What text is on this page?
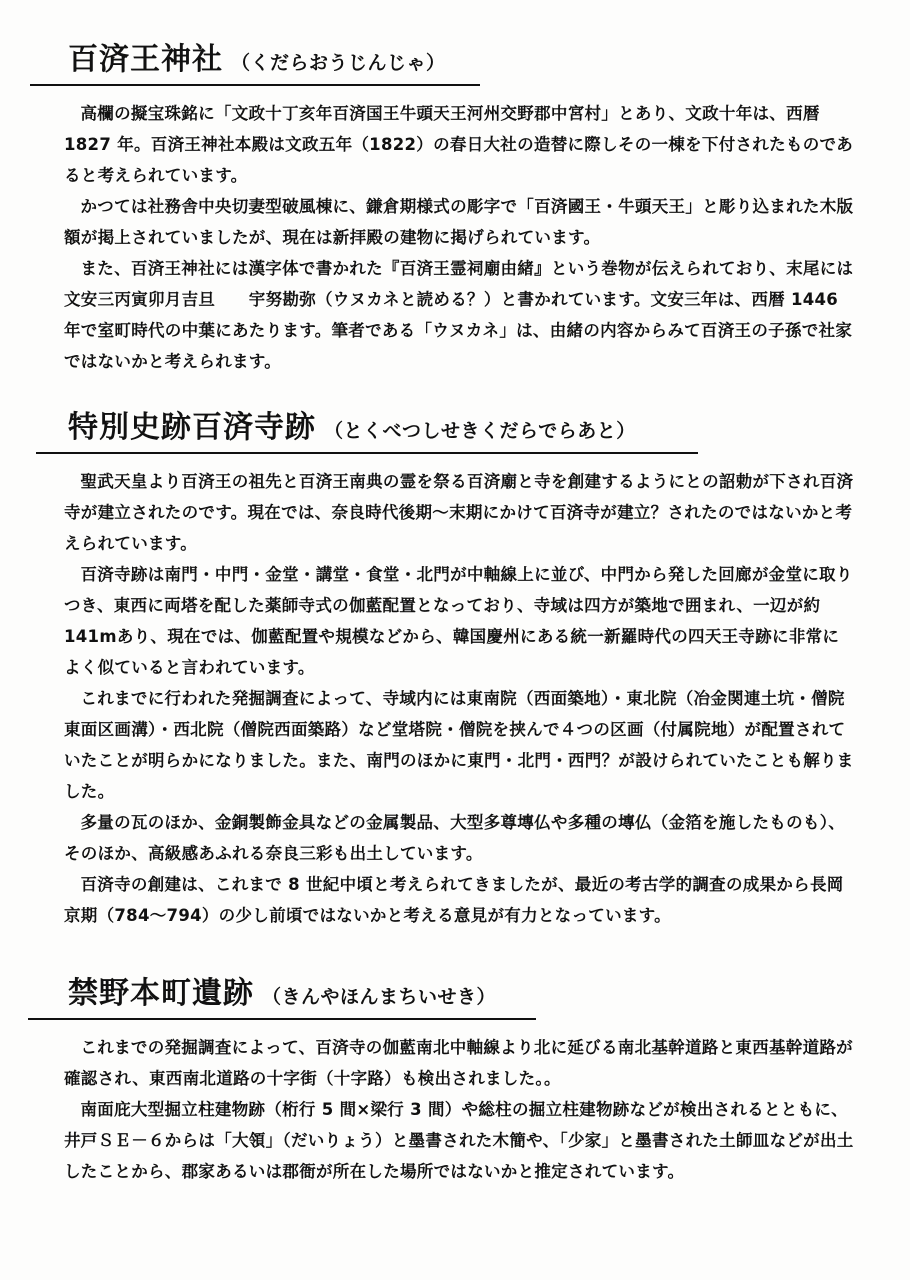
百済王神社 （くだらおうじんじゃ）

高欄の擬宝珠銘に「文政十丁亥年百済国王牛頭天王河州交野郡中宮村」とあり、文政十年は、西暦 1827 年。百済王神社本殿は文政五年（1822）の春日大社の造替に際しその一棟を下付されたものであると考えられています。

かつては社務舎中央切妻型破風棟に、鎌倉期様式の彫字で「百済國王・牛頭天王」と彫り込まれた木版額が掲上されていましたが、現在は新拝殿の建物に掲げられています。

また、百済王神社には漢字体で書かれた『百済王霊祠廟由緒』という巻物が伝えられており、末尾には文安三丙寅卯月吉旦　　宇努勘弥（ウヌカネと読める？）と書かれています。文安三年は、西暦 1446 年で室町時代の中葉にあたります。筆者である「ウヌカネ」は、由緒の内容からみて百済王の子孫で社家ではないかと考えられます。

特別史跡百済寺跡 （とくべつしせきくだらでらあと）

聖武天皇より百済王の祖先と百済王南典の霊を祭る百済廟と寺を創建するようにとの詔勅が下され百済寺が建立されたのです。現在では、奈良時代後期～末期にかけて百済寺が建立？されたのではないかと考えられています。

百済寺跡は南門・中門・金堂・講堂・食堂・北門が中軸線上に並び、中門から発した回廊が金堂に取りつき、東西に両塔を配した薬師寺式の伽藍配置となっており、寺域は四方が築地で囲まれ、一辺が約 141mあり、現在では、伽藍配置や規模などから、韓国慶州にある統一新羅時代の四天王寺跡に非常によく似ていると言われています。

これまでに行われた発掘調査によって、寺域内には東南院（西面築地）・東北院（冶金関連土坑・僧院東面区画溝）・西北院（僧院西面築路）など堂塔院・僧院を挟んで４つの区画（付属院地）が配置されていたことが明らかになりました。また、南門のほかに東門・北門・西門？が設けられていたことも解りました。

多量の瓦のほか、金銅製飾金具などの金属製品、大型多尊塼仏や多種の塼仏（金箔を施したものも）、そのほか、高級感あふれる奈良三彩も出土しています。

百済寺の創建は、これまで 8 世紀中頃と考えられてきましたが、最近の考古学的調査の成果から長岡京期（784～794）の少し前頃ではないかと考える意見が有力となっています。

禁野本町遺跡 （きんやほんまちいせき）

これまでの発掘調査によって、百済寺の伽藍南北中軸線より北に延びる南北基幹道路と東西基幹道路が確認され、東西南北道路の十字街（十字路）も検出されました。。

南面庇大型掘立柱建物跡（桁行 5 間×梁行 3 間）や総柱の掘立柱建物跡などが検出されるとともに、井戸ＳＥ－６からは「大領」（だいりょう）と墨書された木簡や、「少家」と墨書された土師皿などが出土したことから、郡家あるいは郡衙が所在した場所ではないかと推定されています。
